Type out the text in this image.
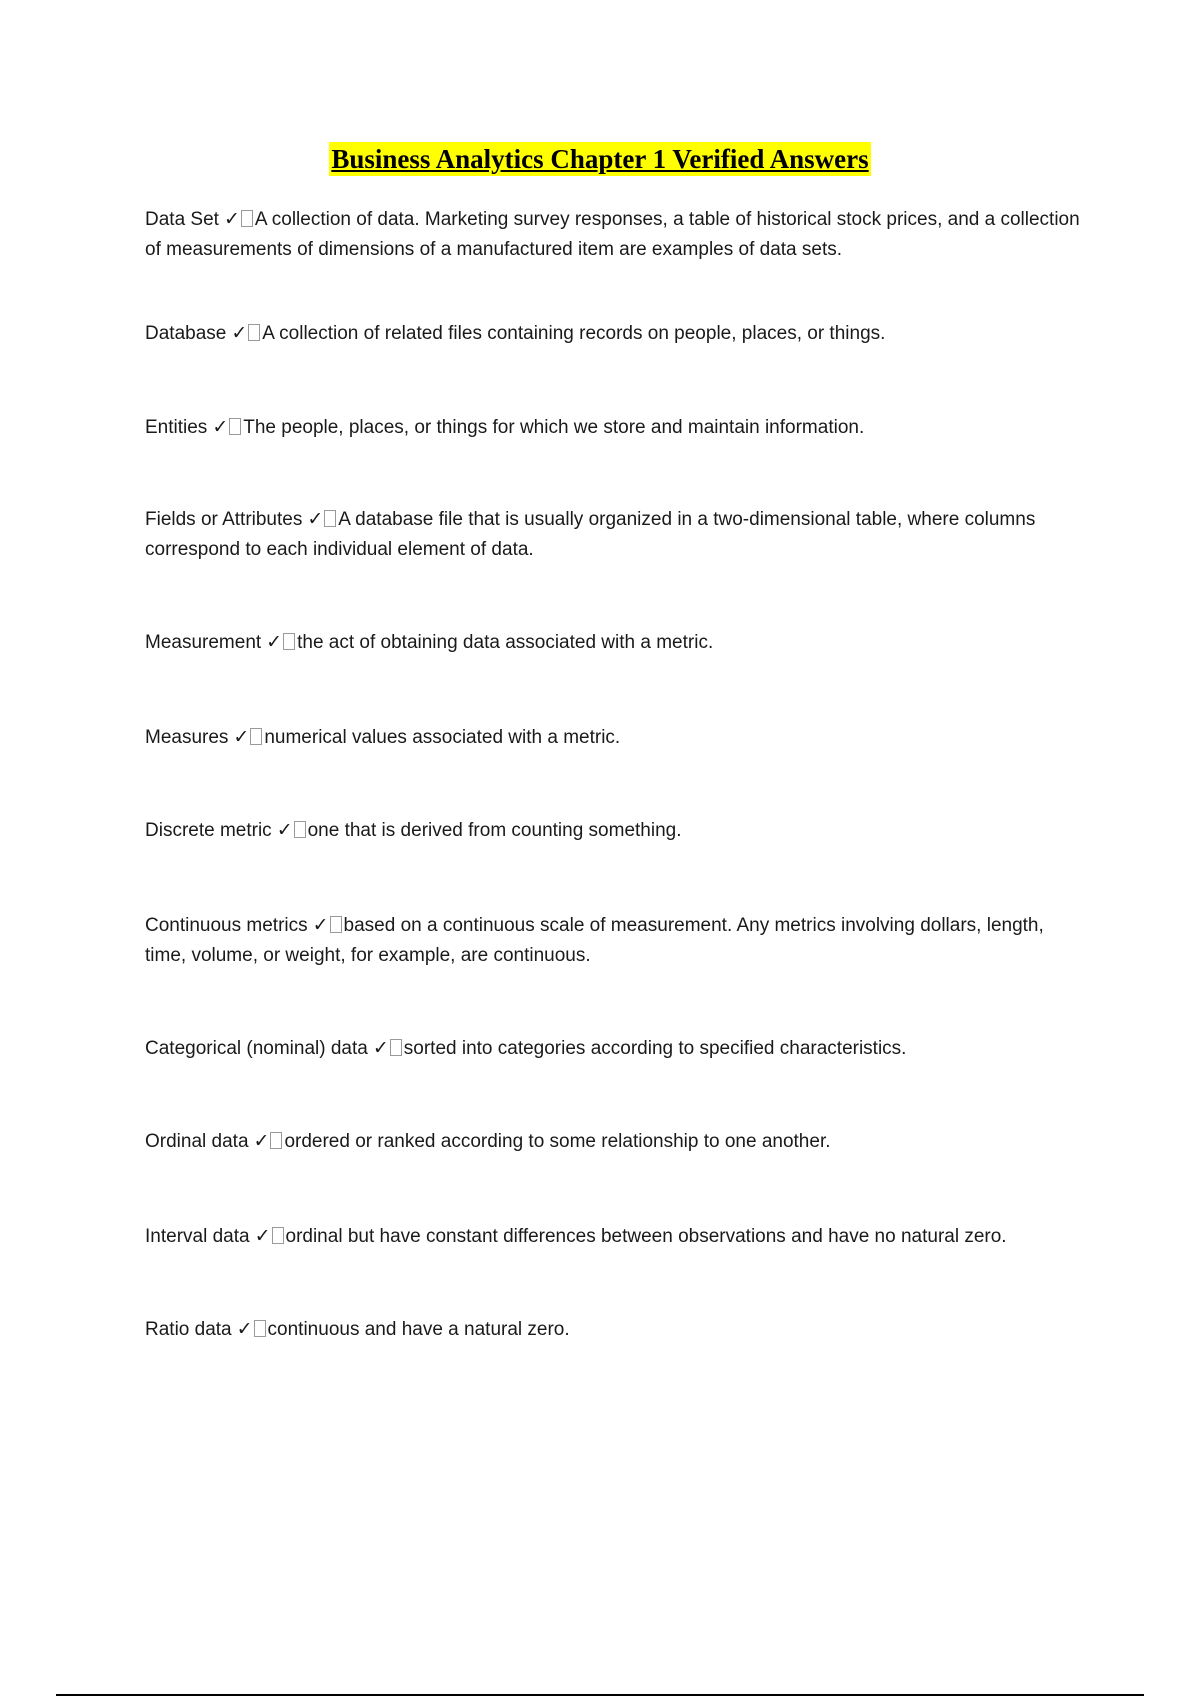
Business Analytics Chapter 1 Verified Answers
Data Set ✓ A collection of data. Marketing survey responses, a table of historical stock prices, and a collection of measurements of dimensions of a manufactured item are examples of data sets.
Database ✓ A collection of related files containing records on people, places, or things.
Entities ✓ The people, places, or things for which we store and maintain information.
Fields or Attributes ✓ A database file that is usually organized in a two-dimensional table, where columns correspond to each individual element of data.
Measurement ✓ the act of obtaining data associated with a metric.
Measures ✓ numerical values associated with a metric.
Discrete metric ✓ one that is derived from counting something.
Continuous metrics ✓ based on a continuous scale of measurement. Any metrics involving dollars, length, time, volume, or weight, for example, are continuous.
Categorical (nominal) data ✓ sorted into categories according to specified characteristics.
Ordinal data ✓ ordered or ranked according to some relationship to one another.
Interval data ✓ ordinal but have constant differences between observations and have no natural zero.
Ratio data ✓ continuous and have a natural zero.
